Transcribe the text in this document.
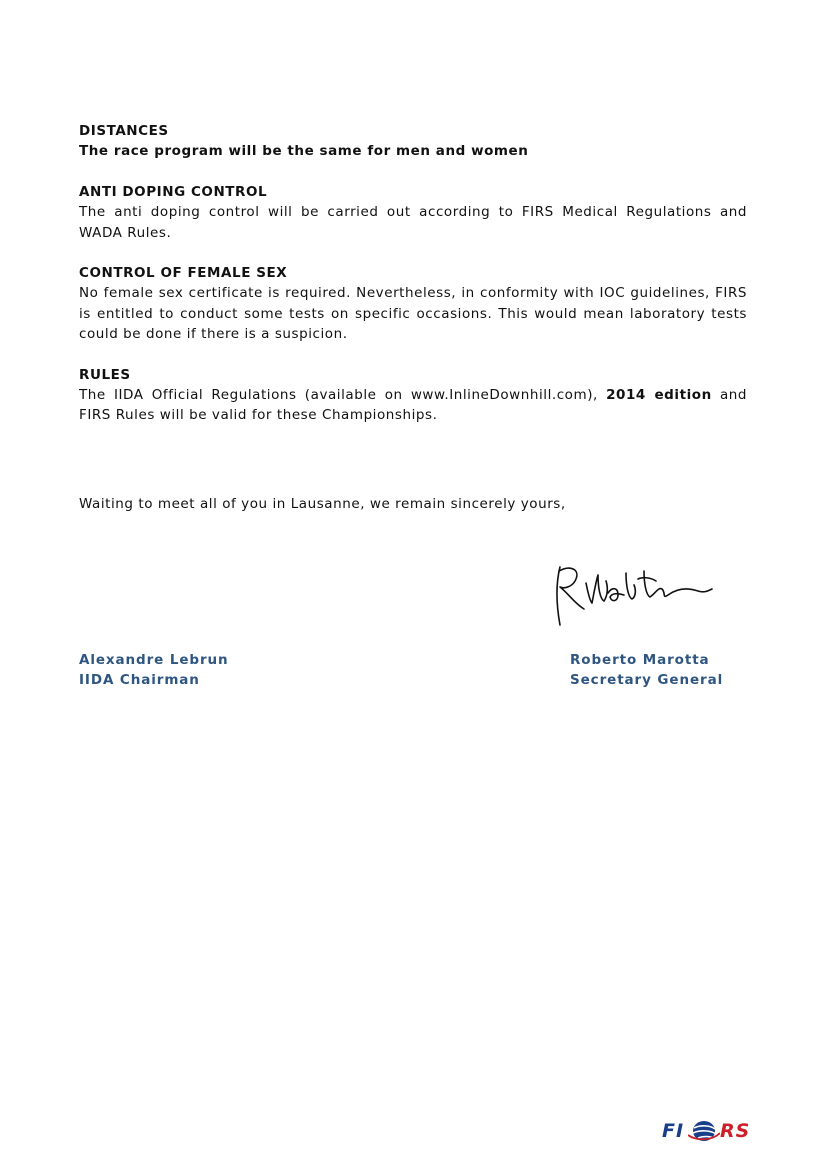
DISTANCES
The race program will be the same for men and women
ANTI DOPING CONTROL
The anti doping control will be carried out according to FIRS Medical Regulations and WADA Rules.
CONTROL OF FEMALE SEX
No female sex certificate is required. Nevertheless, in conformity with IOC guidelines, FIRS is entitled to conduct some tests on specific occasions. This would mean laboratory tests could be done if there is a suspicion.
RULES
The IIDA Official Regulations (available on www.InlineDownhill.com), 2014 edition and FIRS Rules will be valid for these Championships.
Waiting to meet all of you in Lausanne, we remain sincerely yours,
Alexandre Lebrun
IIDA Chairman
Roberto Marotta
Secretary General
FI RS
